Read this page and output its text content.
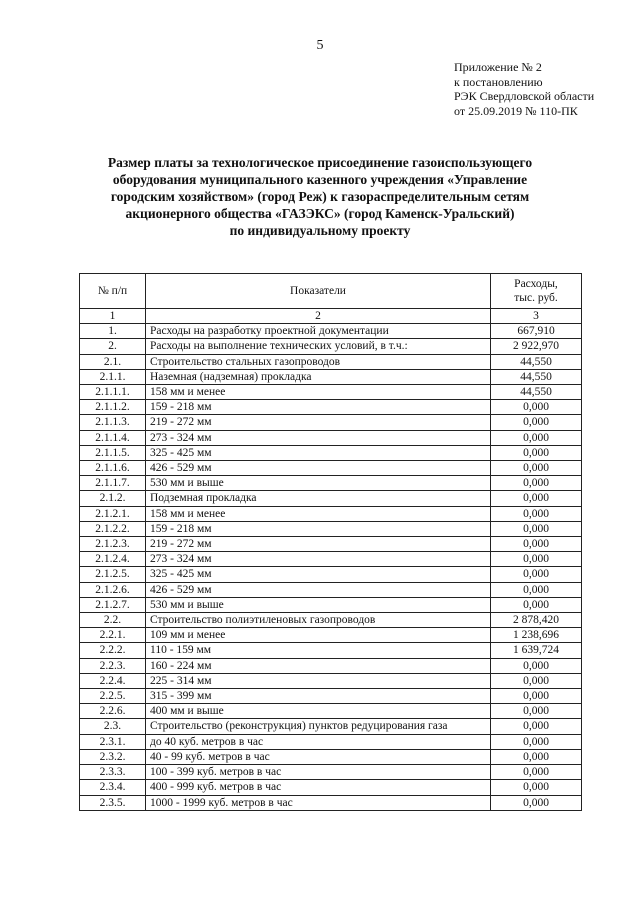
5
Приложение № 2
к постановлению
РЭК Свердловской области
от 25.09.2019 № 110-ПК
Размер платы за технологическое присоединение газоиспользующего
оборудования муниципального казенного учреждения «Управление
городским хозяйством» (город Реж) к газораспределительным сетям
акционерного общества «ГАЗЭКС» (город Каменск-Уральский)
по индивидуальному проекту
№ п/п	Показатели	Расходы,
тыс. руб.
1	2	3
1.	Расходы на разработку проектной документации	667,910
2.	Расходы на выполнение технических условий, в т.ч.:	2 922,970
2.1.	Строительство стальных газопроводов	44,550
2.1.1.	Наземная (надземная) прокладка	44,550
2.1.1.1.	158 мм и менее	44,550
2.1.1.2.	159 - 218 мм	0,000
2.1.1.3.	219 - 272 мм	0,000
2.1.1.4.	273 - 324 мм	0,000
2.1.1.5.	325 - 425 мм	0,000
2.1.1.6.	426 - 529 мм	0,000
2.1.1.7.	530 мм и выше	0,000
2.1.2.	Подземная прокладка	0,000
2.1.2.1.	158 мм и менее	0,000
2.1.2.2.	159 - 218 мм	0,000
2.1.2.3.	219 - 272 мм	0,000
2.1.2.4.	273 - 324 мм	0,000
2.1.2.5.	325 - 425 мм	0,000
2.1.2.6.	426 - 529 мм	0,000
2.1.2.7.	530 мм и выше	0,000
2.2.	Строительство полиэтиленовых газопроводов	2 878,420
2.2.1.	109 мм и менее	1 238,696
2.2.2.	110 - 159 мм	1 639,724
2.2.3.	160 - 224 мм	0,000
2.2.4.	225 - 314 мм	0,000
2.2.5.	315 - 399 мм	0,000
2.2.6.	400 мм и выше	0,000
2.3.	Строительство (реконструкция) пунктов редуцирования газа	0,000
2.3.1.	до 40 куб. метров в час	0,000
2.3.2.	40 - 99 куб. метров в час	0,000
2.3.3.	100 - 399 куб. метров в час	0,000
2.3.4.	400 - 999 куб. метров в час	0,000
2.3.5.	1000 - 1999 куб. метров в час	0,000
